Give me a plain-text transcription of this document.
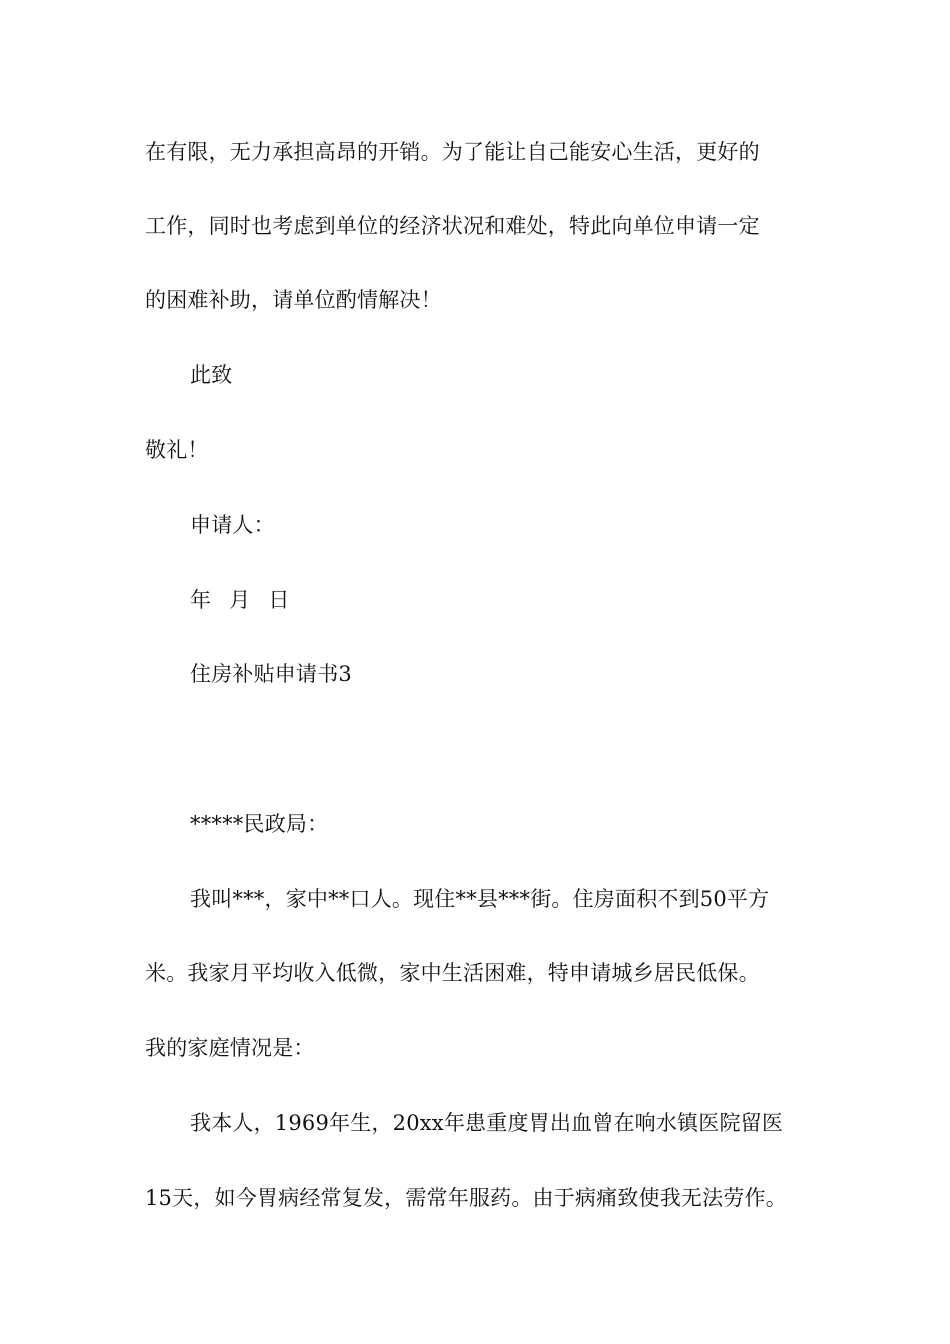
在有限，无力承担高昂的开销。为了能让自己能安心生活，更好的
工作，同时也考虑到单位的经济状况和难处，特此向单位申请一定
的困难补助，请单位酌情解决！
此致
敬礼！
申请人：
年 月 日
住房补贴申请书3
*****民政局：
我叫***，家中**口人。现住**县***街。住房面积不到50平方
米。我家月平均收入低微，家中生活困难，特申请城乡居民低保。
我的家庭情况是：
我本人，1969年生，20xx年患重度胃出血曾在响水镇医院留医
15天，如今胃病经常复发，需常年服药。由于病痛致使我无法劳作。
